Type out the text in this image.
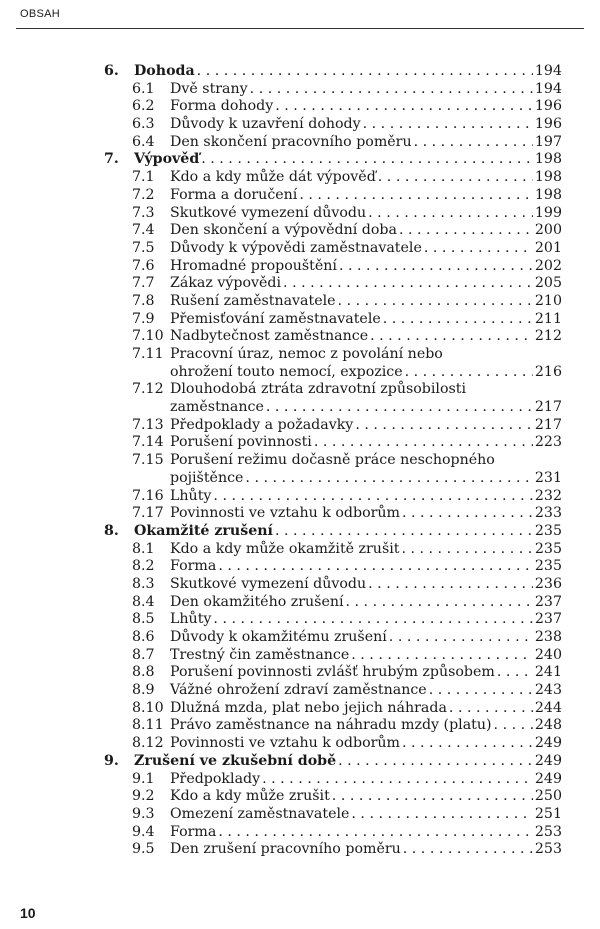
OBSAH
6.	Dohoda . . .	194
6.1	Dvě strany . . .	194
6.2	Forma dohody . . .	196
6.3	Důvody k uzavření dohody . . .	196
6.4	Den skončení pracovního poměru . . .	197
7.	Výpověď . . .	198
7.1	Kdo a kdy může dát výpověď . . .	198
7.2	Forma a doručení . . .	198
7.3	Skutkové vymezení důvodu . . .	199
7.4	Den skončení a výpovědní doba . . .	200
7.5	Důvody k výpovědi zaměstnavatele . . .	201
7.6	Hromadné propouštění . . .	202
7.7	Zákaz výpovědi . . .	205
7.8	Rušení zaměstnavatele . . .	210
7.9	Přemisťování zaměstnavatele . . .	211
7.10 Nadbytečnost zaměstnance . . .	212
7.11 Pracovní úraz, nemoc z povolání nebo
ohrožení touto nemocí, expozice . . .	216
7.12 Dlouhodobá ztráta zdravotní způsobilosti
zaměstnance . . .	217
7.13 Předpoklady a požadavky . . .	217
7.14 Porušení povinnosti . . .	223
7.15 Porušení režimu dočasně práce neschopného
pojištěnce . . .	231
7.16 Lhůty . . .	232
7.17 Povinnosti ve vztahu k odborům . . .	233
8.	Okamžité zrušení . . .	235
8.1	Kdo a kdy může okamžitě zrušit . . .	235
8.2	Forma . . .	235
8.3	Skutkové vymezení důvodu . . .	236
8.4	Den okamžitého zrušení . . .	237
8.5	Lhůty . . .	237
8.6	Důvody k okamžitému zrušení . . .	238
8.7	Trestný čin zaměstnance . . .	240
8.8	Porušení povinnosti zvlášť hrubým způsobem . . .	241
8.9	Vážné ohrožení zdraví zaměstnance . . .	243
8.10 Dlužná mzda, plat nebo jejich náhrada . . .	244
8.11 Právo zaměstnance na náhradu mzdy (platu) . . .	248
8.12 Povinnosti ve vztahu k odborům . . .	249
9.	Zrušení ve zkušební době . . .	249
9.1	Předpoklady . . .	249
9.2	Kdo a kdy může zrušit . . .	250
9.3	Omezení zaměstnavatele . . .	251
9.4	Forma . . .	253
9.5	Den zrušení pracovního poměru . . .	253
10
